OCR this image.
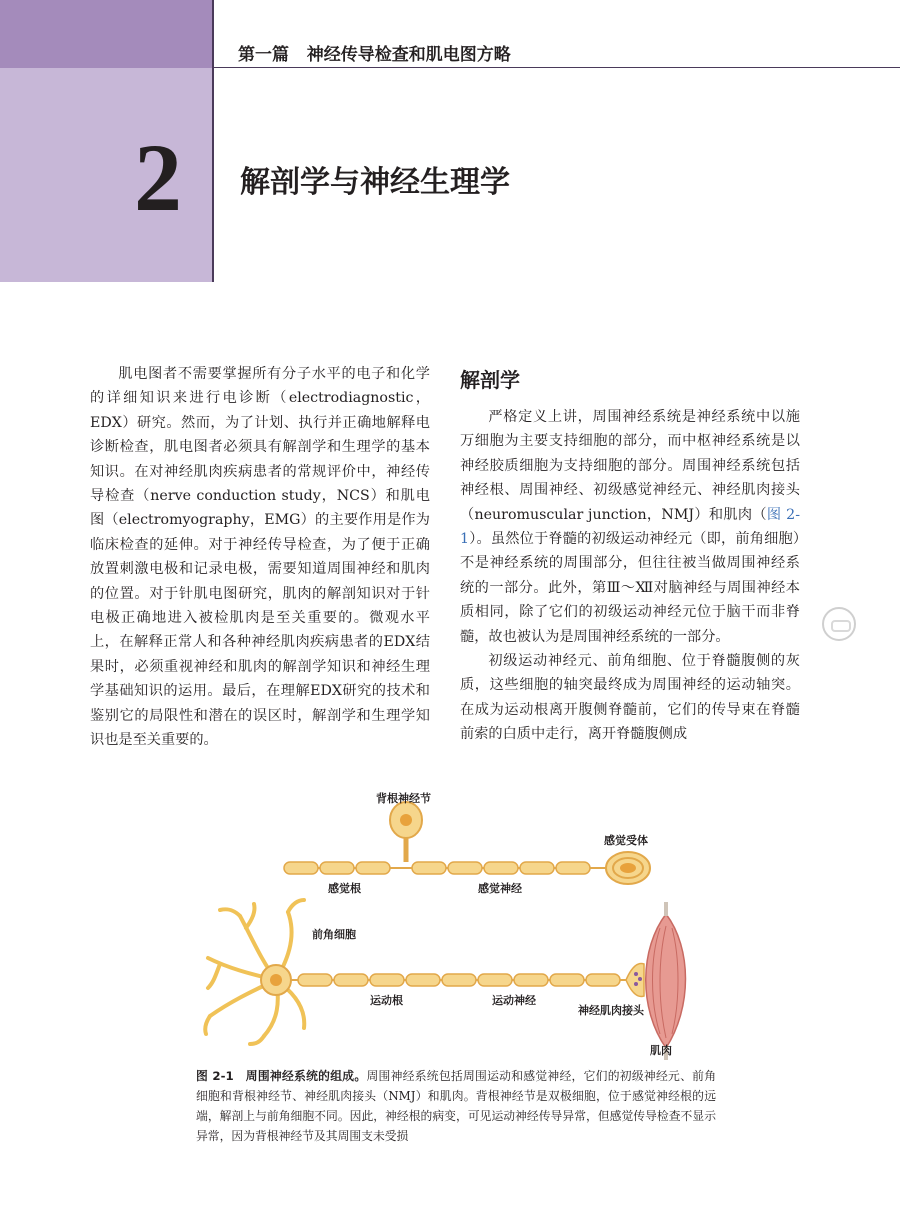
第一篇 神经传导检查和肌电图方略
2 解剖学与神经生理学

肌电图者不需要掌握所有分子水平的电子和化学的详细知识来进行电诊断（electrodiagnostic，EDX）研究。然而，为了计划、执行并正确地解释电诊断检查，肌电图者必须具有解剖学和生理学的基本知识。在对神经肌肉疾病患者的常规评价中，神经传导检查（nerve conduction study，NCS）和肌电图（electromyography，EMG）的主要作用是作为临床检查的延伸。对于神经传导检查，为了便于正确放置刺激电极和记录电极，需要知道周围神经和肌肉的位置。对于针肌电图研究，肌肉的解剖知识对于针电极正确地进入被检肌肉是至关重要的。微观水平上，在解释正常人和各种神经肌肉疾病患者的EDX结果时，必须重视神经和肌肉的解剖学知识和神经生理学基础知识的运用。最后，在理解EDX研究的技术和鉴别它的局限性和潜在的误区时，解剖学和生理学知识也是至关重要的。

解剖学

严格定义上讲，周围神经系统是神经系统中以施万细胞为主要支持细胞的部分，而中枢神经系统是以神经胶质细胞为支持细胞的部分。周围神经系统包括神经根、周围神经、初级感觉神经元、神经肌肉接头（neuromuscular junction，NMJ）和肌肉（图 2-1）。虽然位于脊髓的初级运动神经元（即，前角细胞）不是神经系统的周围部分，但往往被当做周围神经系统的一部分。此外，第Ⅲ～Ⅻ对脑神经与周围神经本质相同，除了它们的初级运动神经元位于脑干而非脊髓，故也被认为是周围神经系统的一部分。

初级运动神经元、前角细胞、位于脊髓腹侧的灰质，这些细胞的轴突最终成为周围神经的运动轴突。在成为运动根离开腹侧脊髓前，它们的传导束在脊髓前索的白质中走行，离开脊髓腹侧成

背根神经节
感觉受体
感觉根	感觉神经
前角细胞
运动根	运动神经
神经肌肉接头
肌肉
图 2-1 周围神经系统的组成。周围神经系统包括周围运动和感觉神经，它们的初级神经元、前角细胞和背根神经节、神经肌肉接头（NMJ）和肌肉。背根神经节是双极细胞，位于感觉神经根的远端，解剖上与前角细胞不同。因此，神经根的病变，可见运动神经传导异常，但感觉传导检查不显示异常，因为背根神经节及其周围支未受损
